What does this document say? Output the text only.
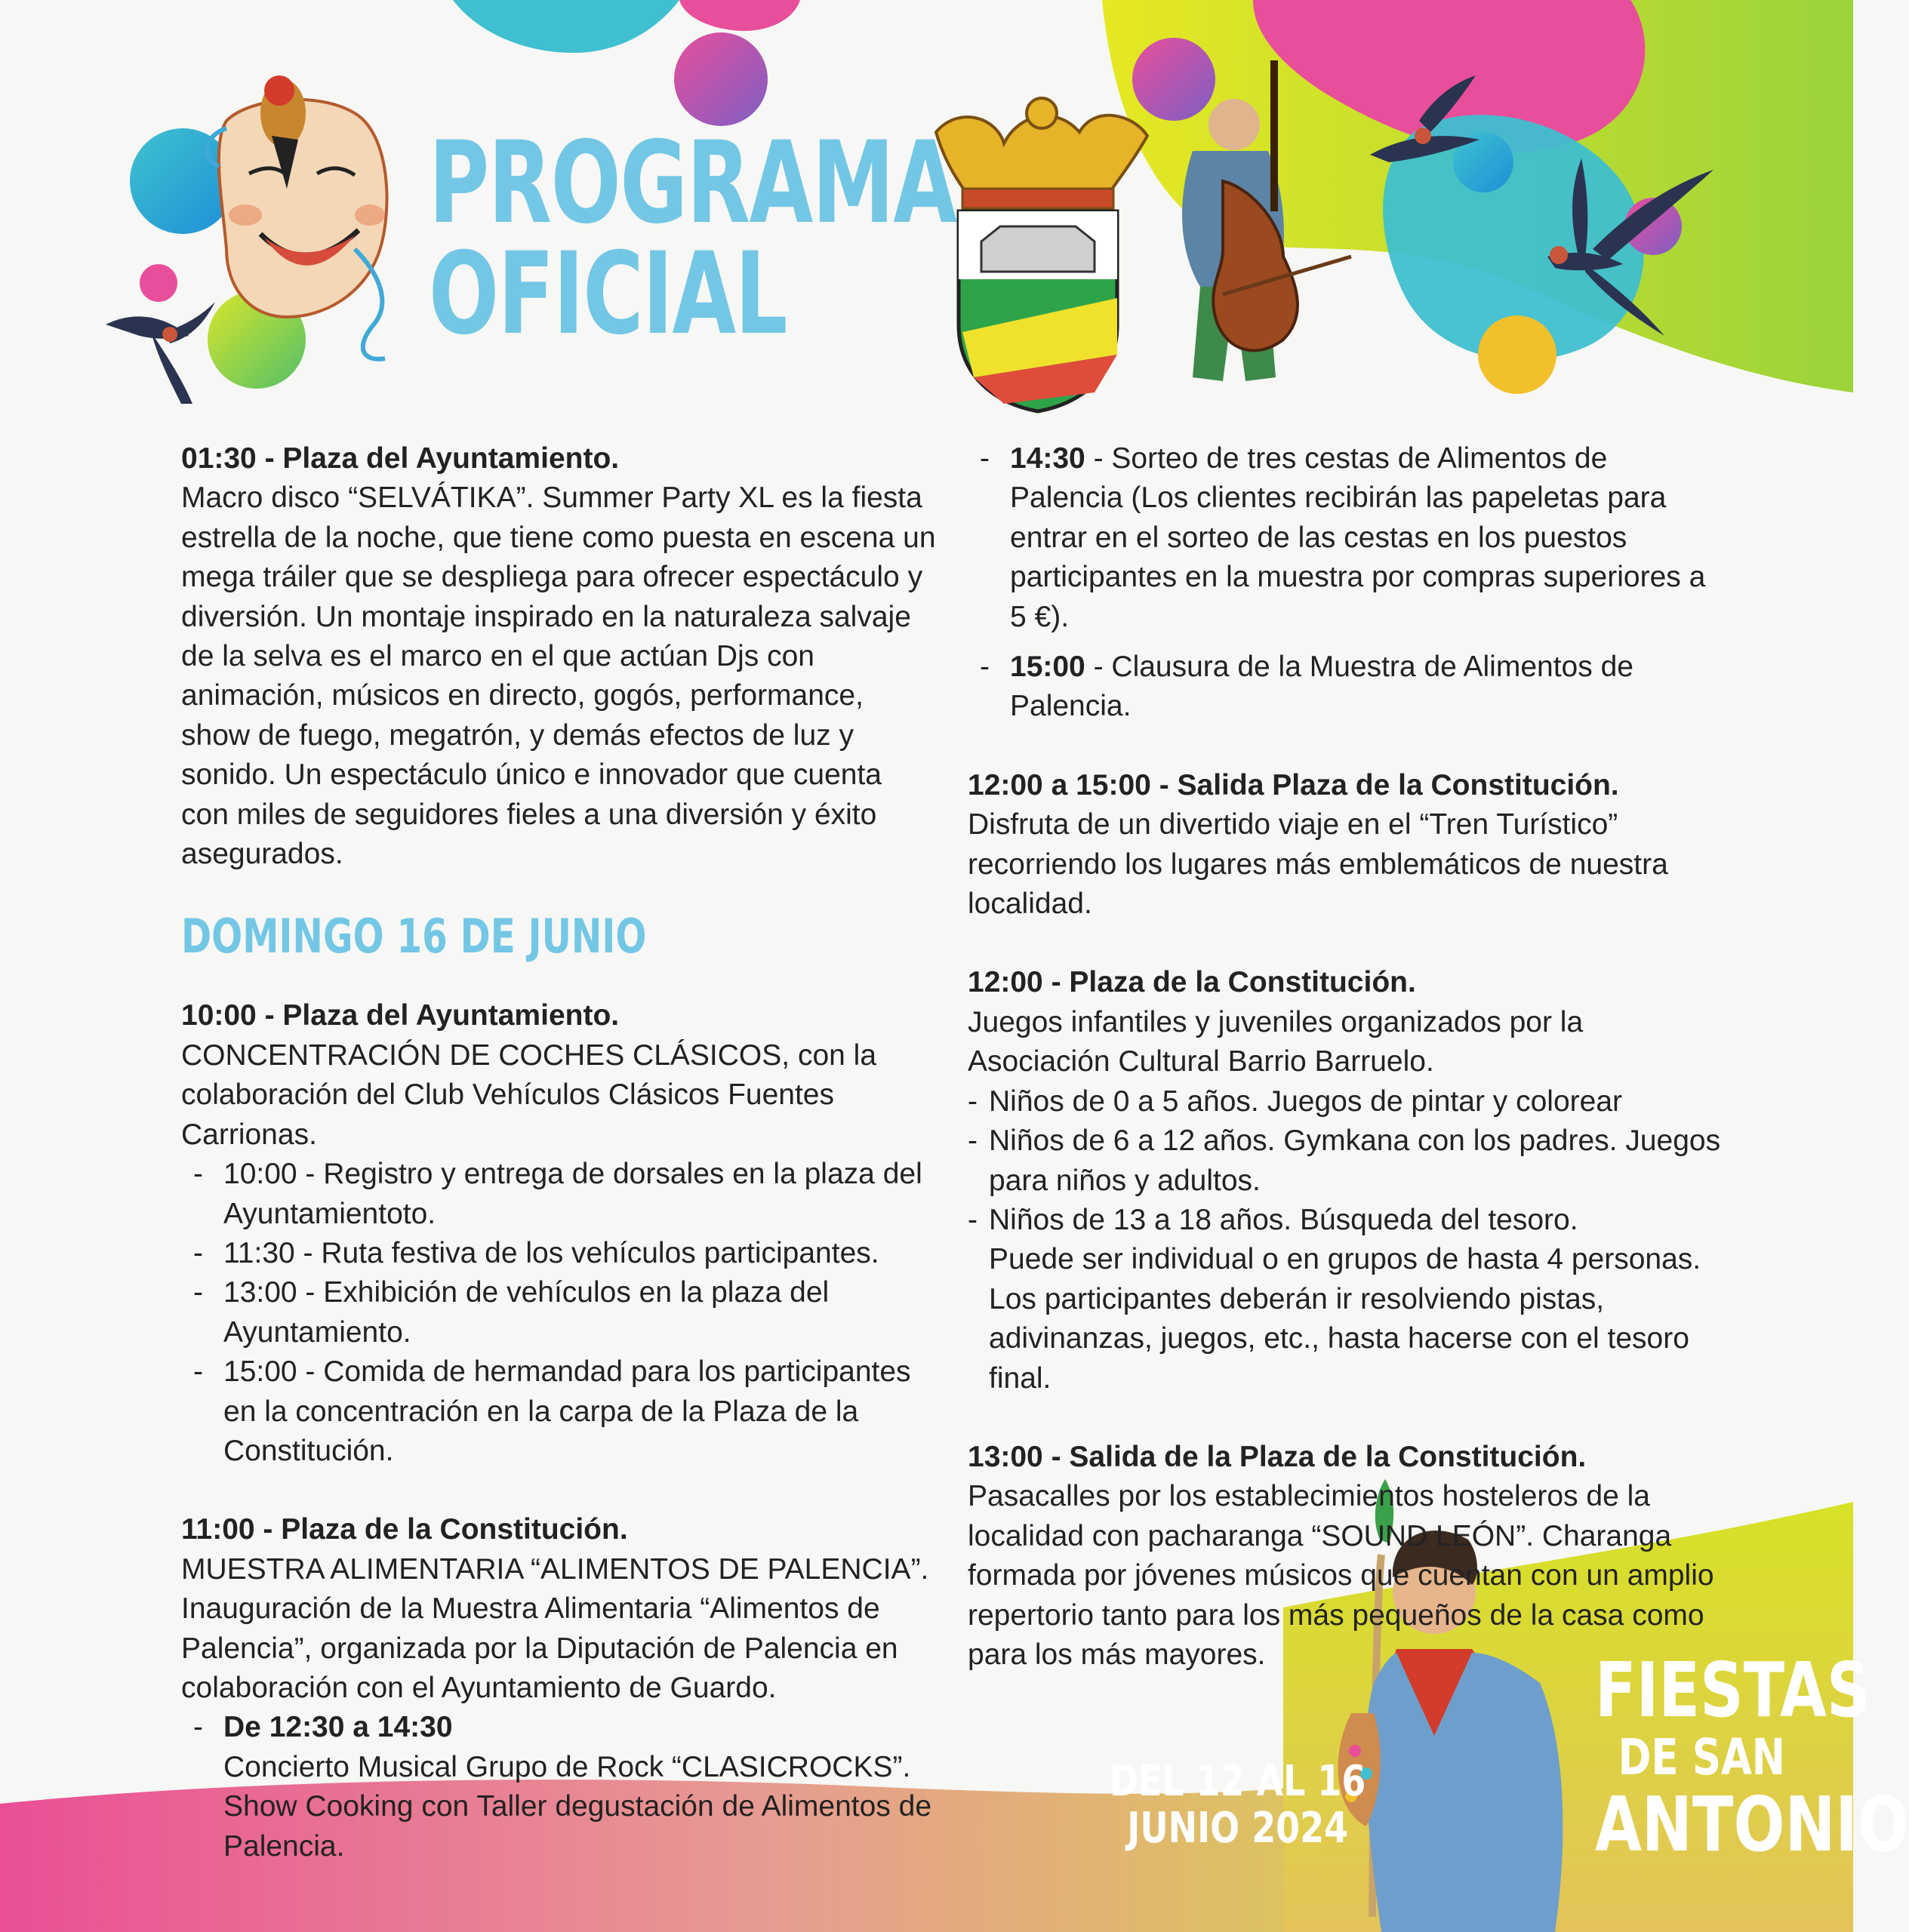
PROGRAMA
OFICIAL

01:30 - Plaza del Ayuntamiento.

Macro disco “SELVÁTIKA”. Summer Party XL es la fiesta estrella de la noche, que tiene como puesta en escena un mega tráiler que se despliega para ofrecer espectáculo y diversión. Un montaje inspirado en la naturaleza salvaje de la selva es el marco en el que actúan Djs con animación, músicos en directo, gogós, performance, show de fuego, megatrón, y demás efectos de luz y sonido. Un espectáculo único e innovador que cuenta con miles de seguidores fieles a una diversión y éxito asegurados.

DOMINGO 16 DE JUNIO

10:00 - Plaza del Ayuntamiento.

CONCENTRACIÓN DE COCHES CLÁSICOS, con la colaboración del Club Vehículos Clásicos Fuentes Carrionas.

- 10:00 - Registro y entrega de dorsales en la plaza del Ayuntamientoto.
- 11:30 - Ruta festiva de los vehículos participantes.
- 13:00 - Exhibición de vehículos en la plaza del Ayuntamiento.
- 15:00 - Comida de hermandad para los participantes en la concentración en la carpa de la Plaza de la Constitución.

11:00 - Plaza de la Constitución.

MUESTRA ALIMENTARIA “ALIMENTOS DE PALENCIA”.

Inauguración de la Muestra Alimentaria “Alimentos de Palencia”, organizada por la Diputación de Palencia en colaboración con el Ayuntamiento de Guardo.

- De 12:30 a 14:30
Concierto Musical Grupo de Rock “CLASICROCKS”.
Show Cooking con Taller degustación de Alimentos de Palencia.
- 14:30 - Sorteo de tres cestas de Alimentos de Palencia (Los clientes recibirán las papeletas para entrar en el sorteo de las cestas en los puestos participantes en la muestra por compras superiores a 5 €).
- 15:00 - Clausura de la Muestra de Alimentos de Palencia.

12:00 a 15:00 - Salida Plaza de la Constitución.

Disfruta de un divertido viaje en el “Tren Turístico” recorriendo los lugares más emblemáticos de nuestra localidad.

12:00 - Plaza de la Constitución.

Juegos infantiles y juveniles organizados por la Asociación Cultural Barrio Barruelo.

- Niños de 0 a 5 años. Juegos de pintar y colorear
- Niños de 6 a 12 años. Gymkana con los padres. Juegos para niños y adultos.
- Niños de 13 a 18 años. Búsqueda del tesoro.

Puede ser individual o en grupos de hasta 4 personas. Los participantes deberán ir resolviendo pistas, adivinanzas, juegos, etc., hasta hacerse con el tesoro final.

13:00 - Salida de la Plaza de la Constitución.

Pasacalles por los establecimientos hosteleros de la localidad con pacharanga “SOUND LEÓN”. Charanga formada por jóvenes músicos que cuentan con un amplio repertorio tanto para los más pequeños de la casa como para los más mayores.

DEL 12 AL 16
JUNIO 2024
FIESTAS
DE SAN
ANTONIO
